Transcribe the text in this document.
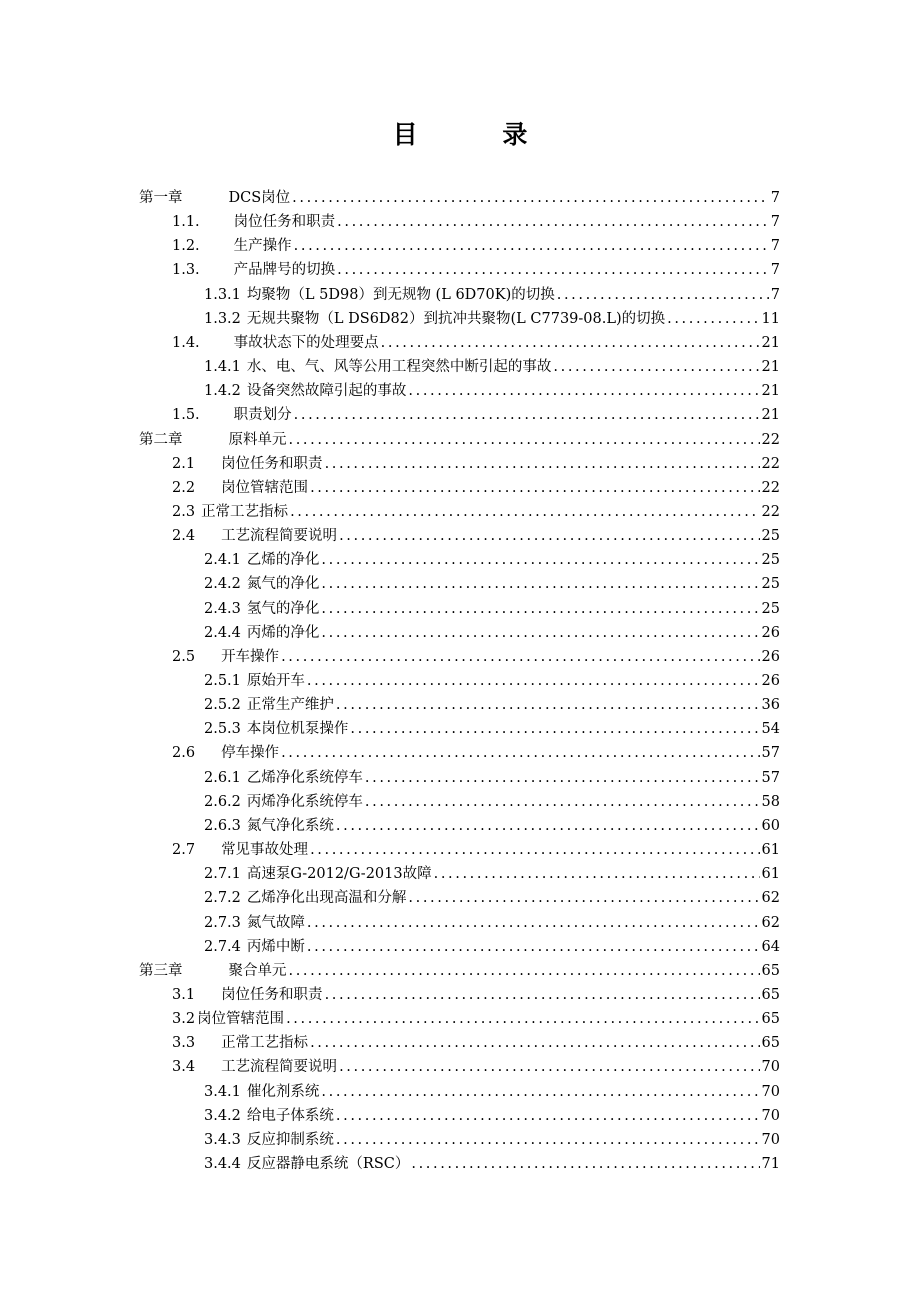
目 录
第一章	DCS岗位 .....	7
1.1. 岗位任务和职责 .....	7
1.2. 生产操作 .....	7
1.3. 产品牌号的切换 .....	7
1.3.1 均聚物（L 5D98）到无规物 (L 6D70K)的切换 .....	7
1.3.2 无规共聚物（L DS6D82）到抗冲共聚物(L C7739-08.L)的切换 .....	11
1.4. 事故状态下的处理要点 .....	21
1.4.1 水、电、气、风等公用工程突然中断引起的事故 .....	21
1.4.2 设备突然故障引起的事故 .....	21
1.5. 职责划分 .....	21
第二章	原料单元 .....	22
2.1 岗位任务和职责 .....	22
2.2 岗位管辖范围 .....	22
2.3 正常工艺指标 .....	22
2.4 工艺流程简要说明 .....	25
2.4.1 乙烯的净化 .....	25
2.4.2 氮气的净化 .....	25
2.4.3 氢气的净化 .....	25
2.4.4 丙烯的净化 .....	26
2.5 开车操作 .....	26
2.5.1 原始开车 .....	26
2.5.2 正常生产维护 .....	36
2.5.3 本岗位机泵操作 .....	54
2.6 停车操作 .....	57
2.6.1 乙烯净化系统停车 .....	57
2.6.2 丙烯净化系统停车 .....	58
2.6.3 氮气净化系统 .....	60
2.7 常见事故处理 .....	61
2.7.1 高速泵G-2012/G-2013故障 .....	61
2.7.2 乙烯净化出现高温和分解 .....	62
2.7.3 氮气故障 .....	62
2.7.4 丙烯中断 .....	64
第三章	聚合单元 .....	65
3.1 岗位任务和职责 .....	65
3.2 岗位管辖范围 .....	65
3.3 正常工艺指标 .....	65
3.4 工艺流程简要说明 .....	70
3.4.1 催化剂系统 .....	70
3.4.2 给电子体系统 .....	70
3.4.3 反应抑制系统 .....	70
3.4.4 反应器静电系统（RSC） .....	71
